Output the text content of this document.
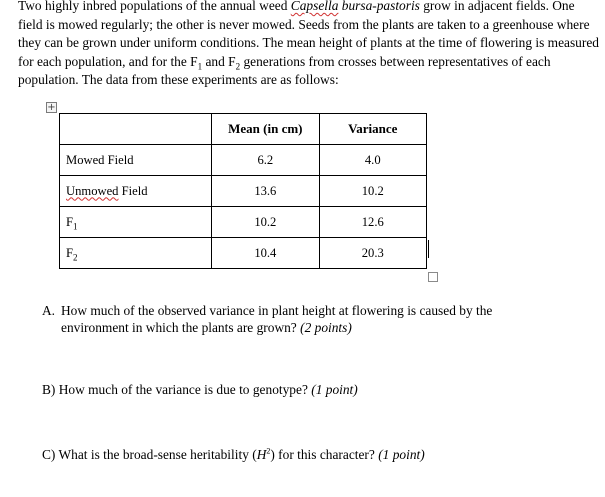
Two highly inbred populations of the annual weed Capsella bursa-pastoris grow in adjacent fields. One field is mowed regularly; the other is never mowed. Seeds from the plants are taken to a greenhouse where they can be grown under uniform conditions. The mean height of plants at the time of flowering is measured for each population, and for the $F_1$ and $F_2$ generations from crosses between representatives of each population. The data from these experiments are as follows:

+
	Mean (in cm)	Variance
Mowed Field	6.2	4.0
Unmowed Field	13.6	10.2
$F_1$	10.2	12.6
$F_2$	10.4	20.3

A. How much of the observed variance in plant height at flowering is caused by the
environment in which the plants are grown? (2 points)

B) How much of the variance is due to genotype? (1 point)

C) What is the broad-sense heritability $(H^2)$ for this character? (1 point)
